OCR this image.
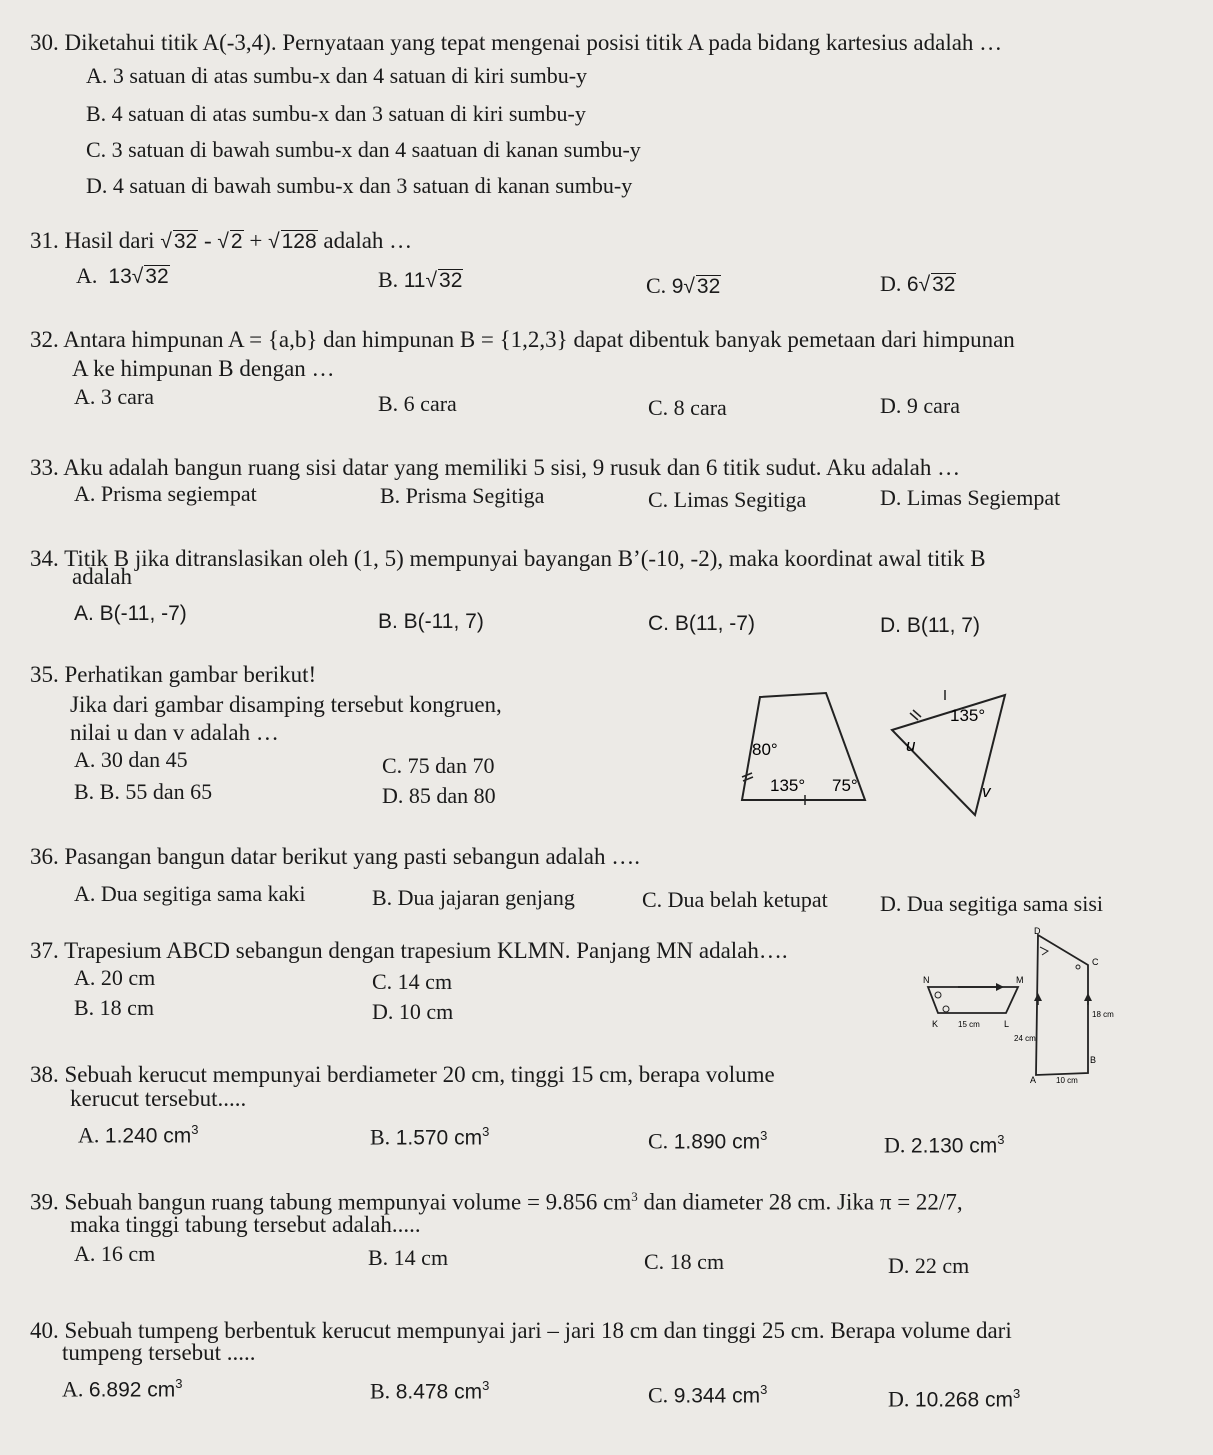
30. Diketahui titik A(-3,4). Pernyataan yang tepat mengenai posisi titik A pada bidang kartesius adalah …
A. 3 satuan di atas sumbu-x dan 4 satuan di kiri sumbu-y
B. 4 satuan di atas sumbu-x dan 3 satuan di kiri sumbu-y
C. 3 satuan di bawah sumbu-x dan 4 saatuan di kanan sumbu-y
D. 4 satuan di bawah sumbu-x dan 3 satuan di kanan sumbu-y
31. Hasil dari √32 - √2 + √128 adalah …
A. 13√32	B. 11√32	C. 9√32	D. 6√32
32. Antara himpunan A = {a,b} dan himpunan B = {1,2,3} dapat dibentuk banyak pemetaan dari himpunan
A ke himpunan B dengan …
A. 3 cara	B. 6 cara	C. 8 cara	D. 9 cara
33. Aku adalah bangun ruang sisi datar yang memiliki 5 sisi, 9 rusuk dan 6 titik sudut. Aku adalah …
A. Prisma segiempat	B. Prisma Segitiga	C. Limas Segitiga	D. Limas Segiempat
34. Titik B jika ditranslasikan oleh (1, 5) mempunyai bayangan B’(-10, -2), maka koordinat awal titik B
adalah
A. B(-11, -7)	B. B(-11, 7)	C. B(11, -7)	D. B(11, 7)
35. Perhatikan gambar berikut!
Jika dari gambar disamping tersebut kongruen,
nilai u dan v adalah …
A. 30 dan 45
B. B. 55 dan 65
C. 75 dan 70
D. 85 dan 80
80°
135° 75°
135°
u
v
36. Pasangan bangun datar berikut yang pasti sebangun adalah ….
A. Dua segitiga sama kaki	B. Dua jajaran genjang	C. Dua belah ketupat D. Dua segitiga sama sisi
37. Trapesium ABCD sebangun dengan trapesium KLMN. Panjang MN adalah….
A. 20 cm
B. 18 cm
C. 14 cm
D. 10 cm
D
C
N	M
K	L
A
B
15 cm
24 cm
18 cm
10 cm
38. Sebuah kerucut mempunyai berdiameter 20 cm, tinggi 15 cm, berapa volume
kerucut tersebut.....
A. 1.240 $cm^3$	B. 1.570 $cm^3$	C. 1.890 $cm^3$	D. 2.130 $cm^3$
39. Sebuah bangun ruang tabung mempunyai volume = 9.856 $cm^3$ dan diameter 28 cm. Jika π = 22/7,
maka tinggi tabung tersebut adalah.....
A. 16 cm	B. 14 cm	C. 18 cm	D. 22 cm
40. Sebuah tumpeng berbentuk kerucut mempunyai jari – jari 18 cm dan tinggi 25 cm. Berapa volume dari
tumpeng tersebut .....
A. 6.892 $cm^3$	B. 8.478 $cm^3$	C. 9.344 $cm^3$	D. 10.268 $cm^3$
